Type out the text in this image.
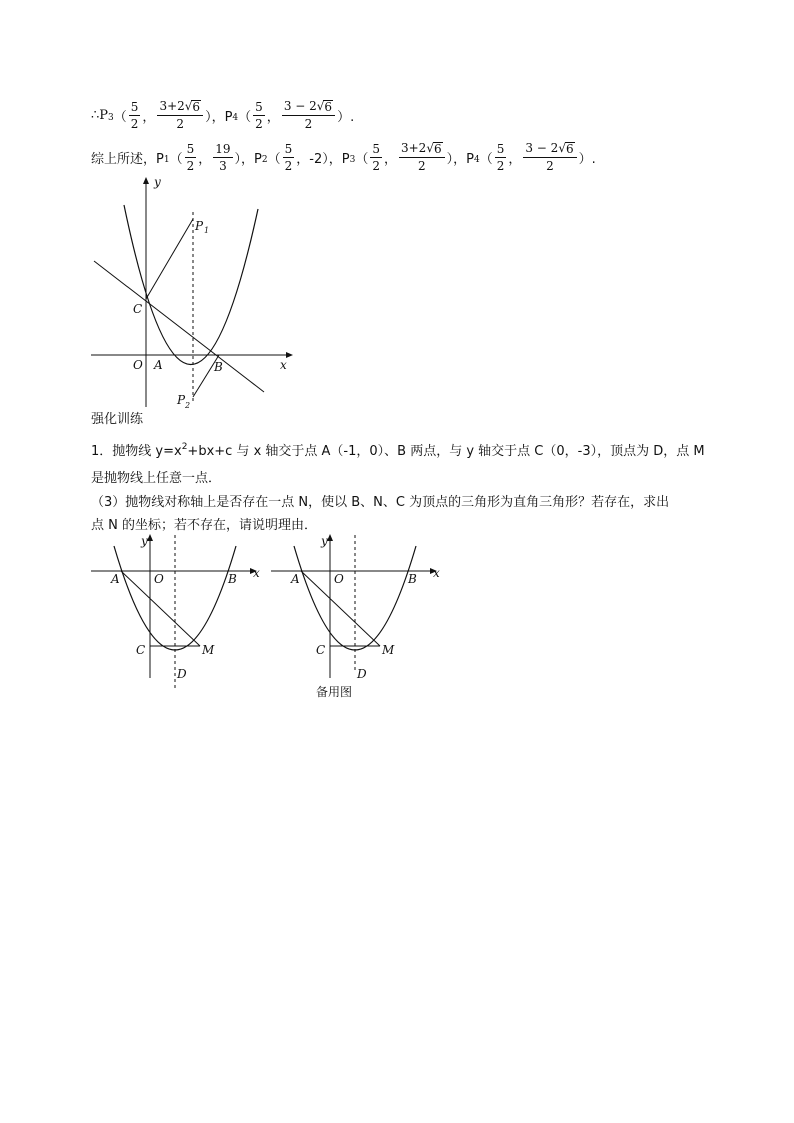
∴P 3 （ $\frac{5}{2}$ ， $\frac{3+2√ 6}{2}$ ），P 4 （ $\frac{5}{2}$ ， $\frac{3 - 2√ 6}{2}$ ）.
综上所述，P 1 （ $\frac{5}{2}$ ， $\frac{19}{3}$ ），P 2 （ $\frac{5}{2}$ ，-2），P 3 （ $\frac{5}{2}$ ， $\frac{3+2√ 6}{2}$ ），P 4 （ $\frac{5}{2}$ ， $\frac{3 - 2√ 6}{2}$ ）.
y
x
O A	B
C
P 1
P 2
强化训练
1．抛物线 $y=x^2+bx+c$ 与 x 轴交于点 A（-1，0）、B 两点，与 y 轴交于点 C（0，-3），顶点为 D，点 M
是抛物线上任意一点．
（3）抛物线对称轴上是否存在一点 N，使以 B、N、C 为顶点的三角形为直角三角形？若存在，求出
点 N 的坐标；若不存在，请说明理由．
y
x
O
A	B
C	M
D
y
x
O
A	B
C	M
D
备用图
